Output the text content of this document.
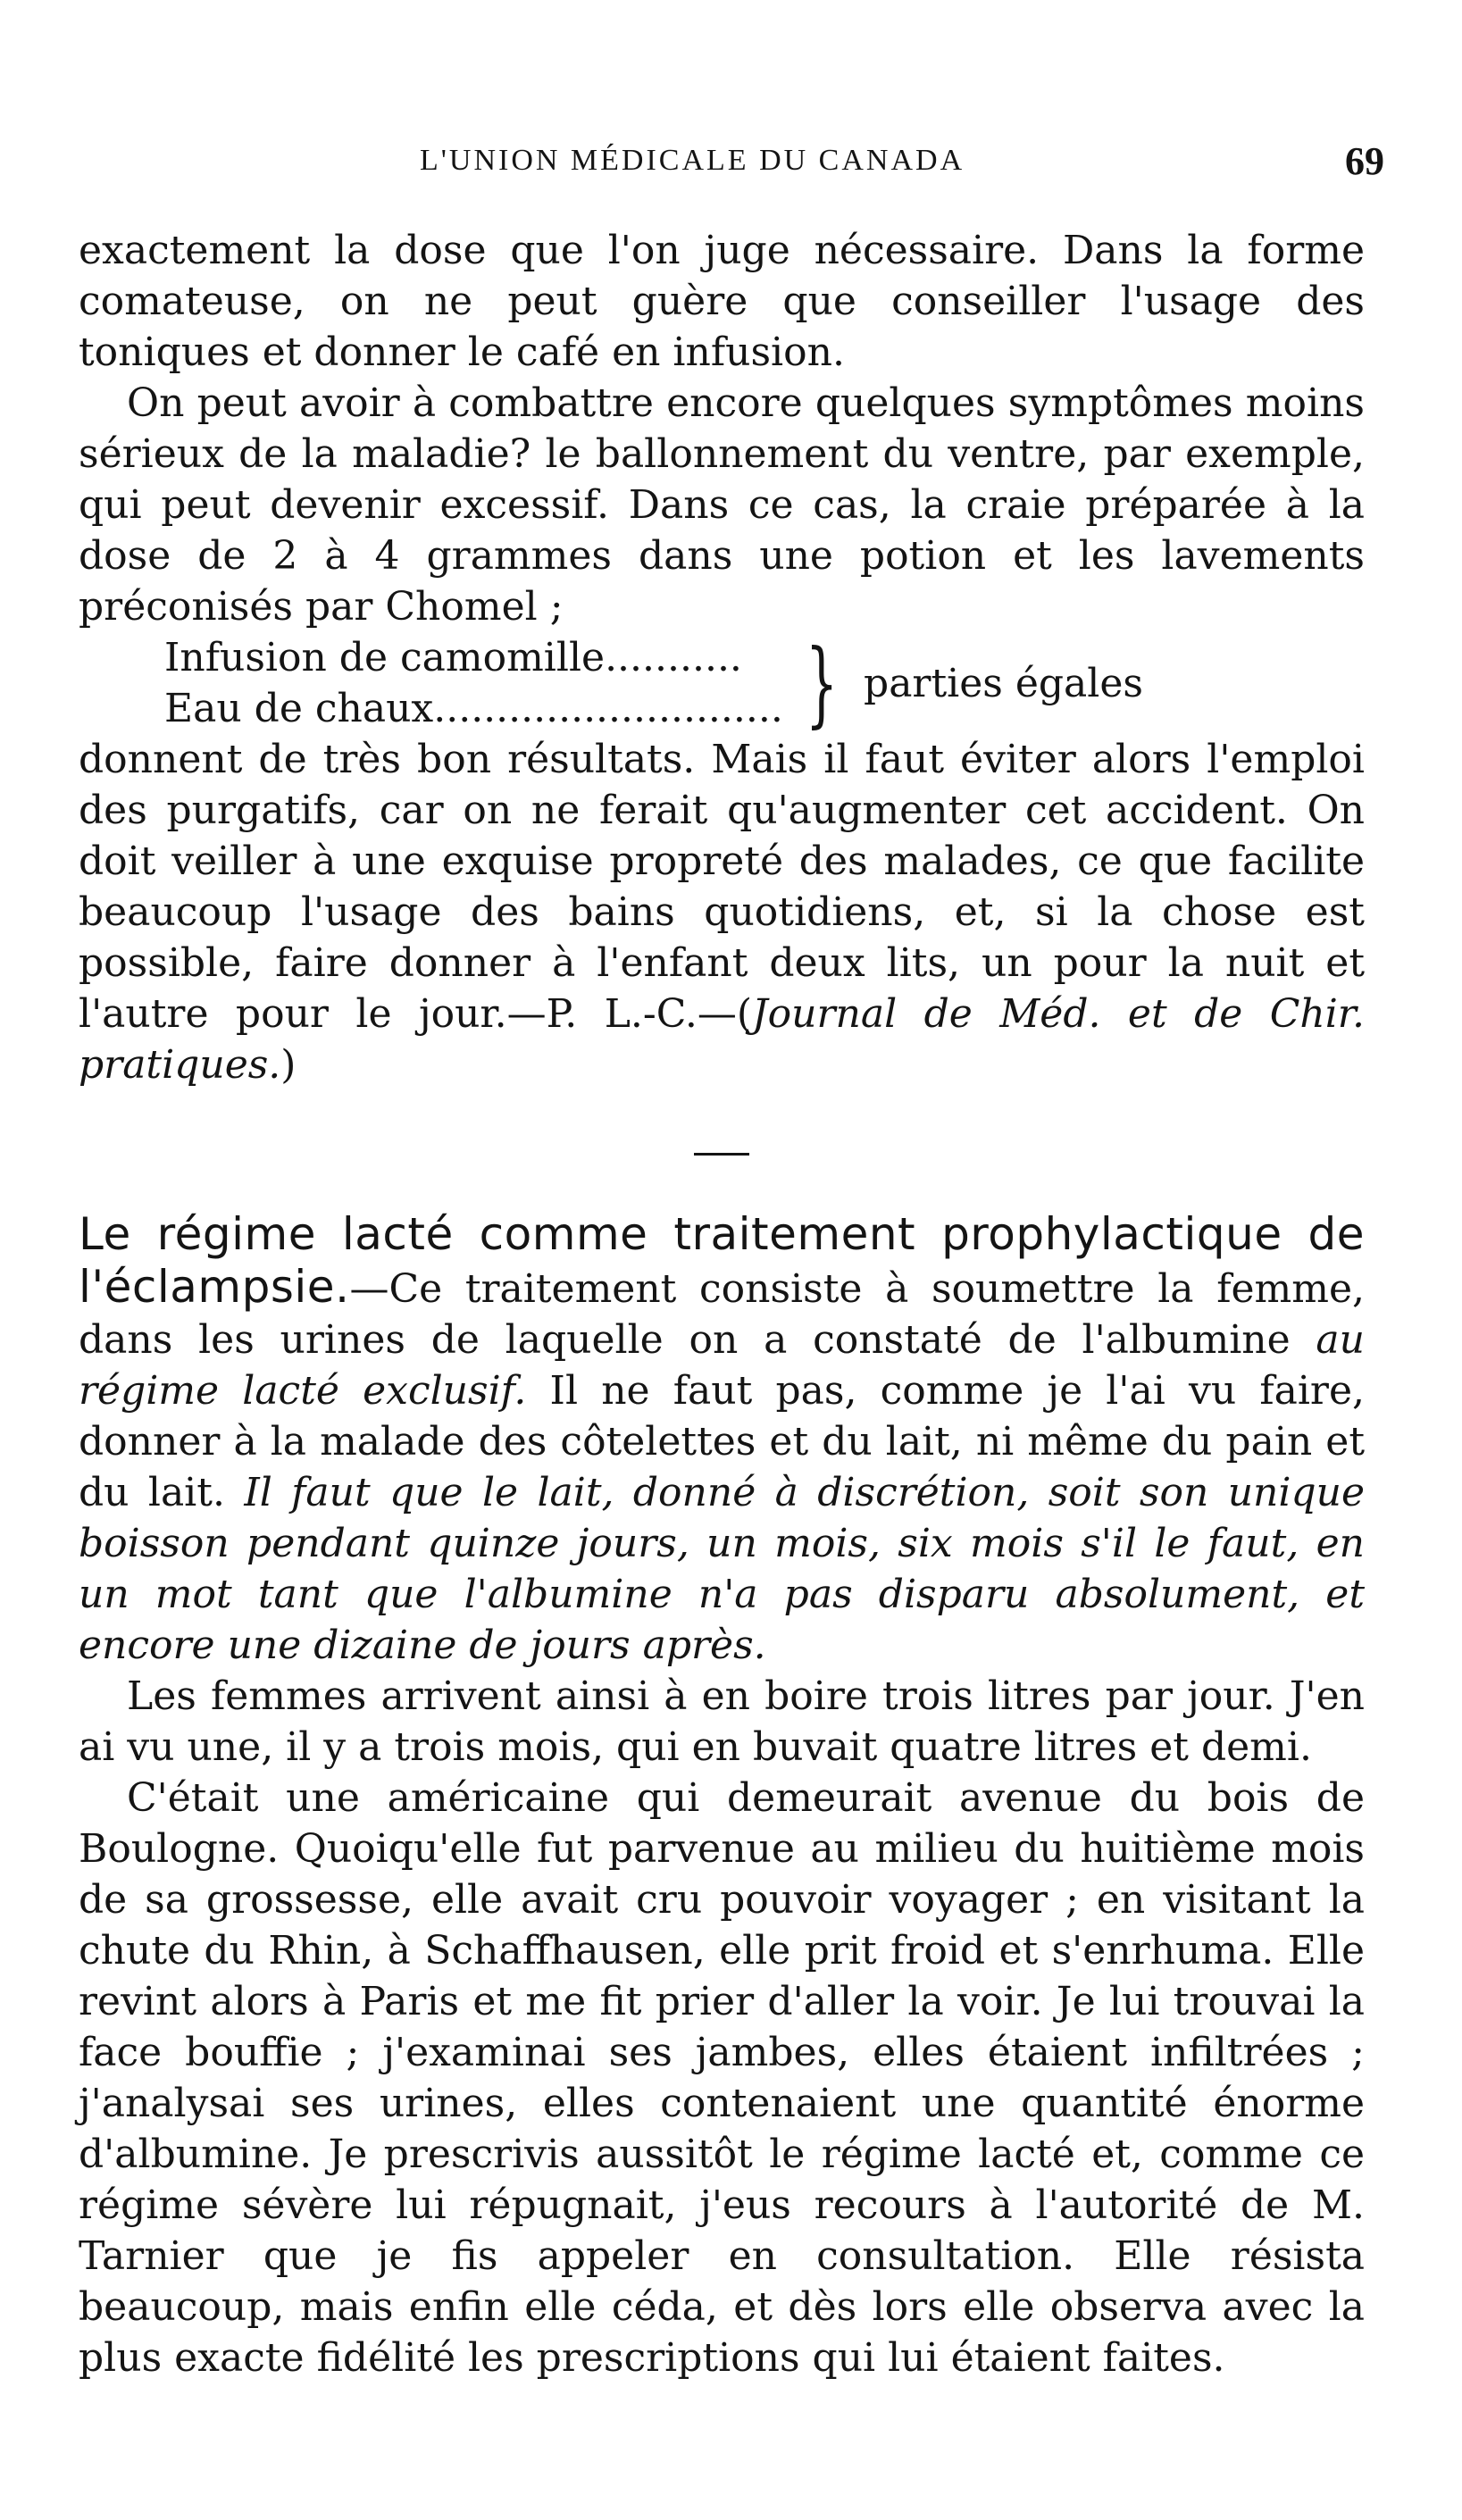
L'UNION MÉDICALE DU CANADA	69

exactement la dose que l'on juge nécessaire. Dans la forme comateuse, on ne peut guère que conseiller l'usage des toniques et donner le café en infusion.

On peut avoir à combattre encore quelques symptômes moins sérieux de la maladie? le ballonnement du ventre, par exemple, qui peut devenir excessif. Dans ce cas, la craie préparée à la dose de 2 à 4 grammes dans une potion et les lavements préconisés par Chomel ;

Infusion de camomille...........
Eau de chaux............................ } parties égales

donnent de très bon résultats. Mais il faut éviter alors l'emploi des purgatifs, car on ne ferait qu'augmenter cet accident. On doit veiller à une exquise propreté des malades, ce que facilite beaucoup l'usage des bains quotidiens, et, si la chose est possible, faire donner à l'enfant deux lits, un pour la nuit et l'autre pour le jour.—P. L.-C.—(Journal de Méd. et de Chir. pratiques.)

Le régime lacté comme traitement prophylactique de l'éclampsie.—Ce traitement consiste à soumettre la femme, dans les urines de laquelle on a constaté de l'albumine au régime lacté exclusif. Il ne faut pas, comme je l'ai vu faire, donner à la malade des côtelettes et du lait, ni même du pain et du lait. Il faut que le lait, donné à discrétion, soit son unique boisson pendant quinze jours, un mois, six mois s'il le faut, en un mot tant que l'albumine n'a pas disparu absolument, et encore une dizaine de jours après.

Les femmes arrivent ainsi à en boire trois litres par jour. J'en ai vu une, il y a trois mois, qui en buvait quatre litres et demi.

C'était une américaine qui demeurait avenue du bois de Boulogne. Quoiqu'elle fut parvenue au milieu du huitième mois de sa grossesse, elle avait cru pouvoir voyager ; en visitant la chute du Rhin, à Schaffhausen, elle prit froid et s'enrhuma. Elle revint alors à Paris et me fit prier d'aller la voir. Je lui trouvai la face bouffie ; j'examinai ses jambes, elles étaient infiltrées ; j'analysai ses urines, elles contenaient une quantité énorme d'albumine. Je prescrivis aussitôt le régime lacté et, comme ce régime sévère lui répugnait, j'eus recours à l'autorité de M. Tarnier que je fis appeler en consultation. Elle résista beaucoup, mais enfin elle céda, et dès lors elle observa avec la plus exacte fidélité les prescriptions qui lui étaient faites.
